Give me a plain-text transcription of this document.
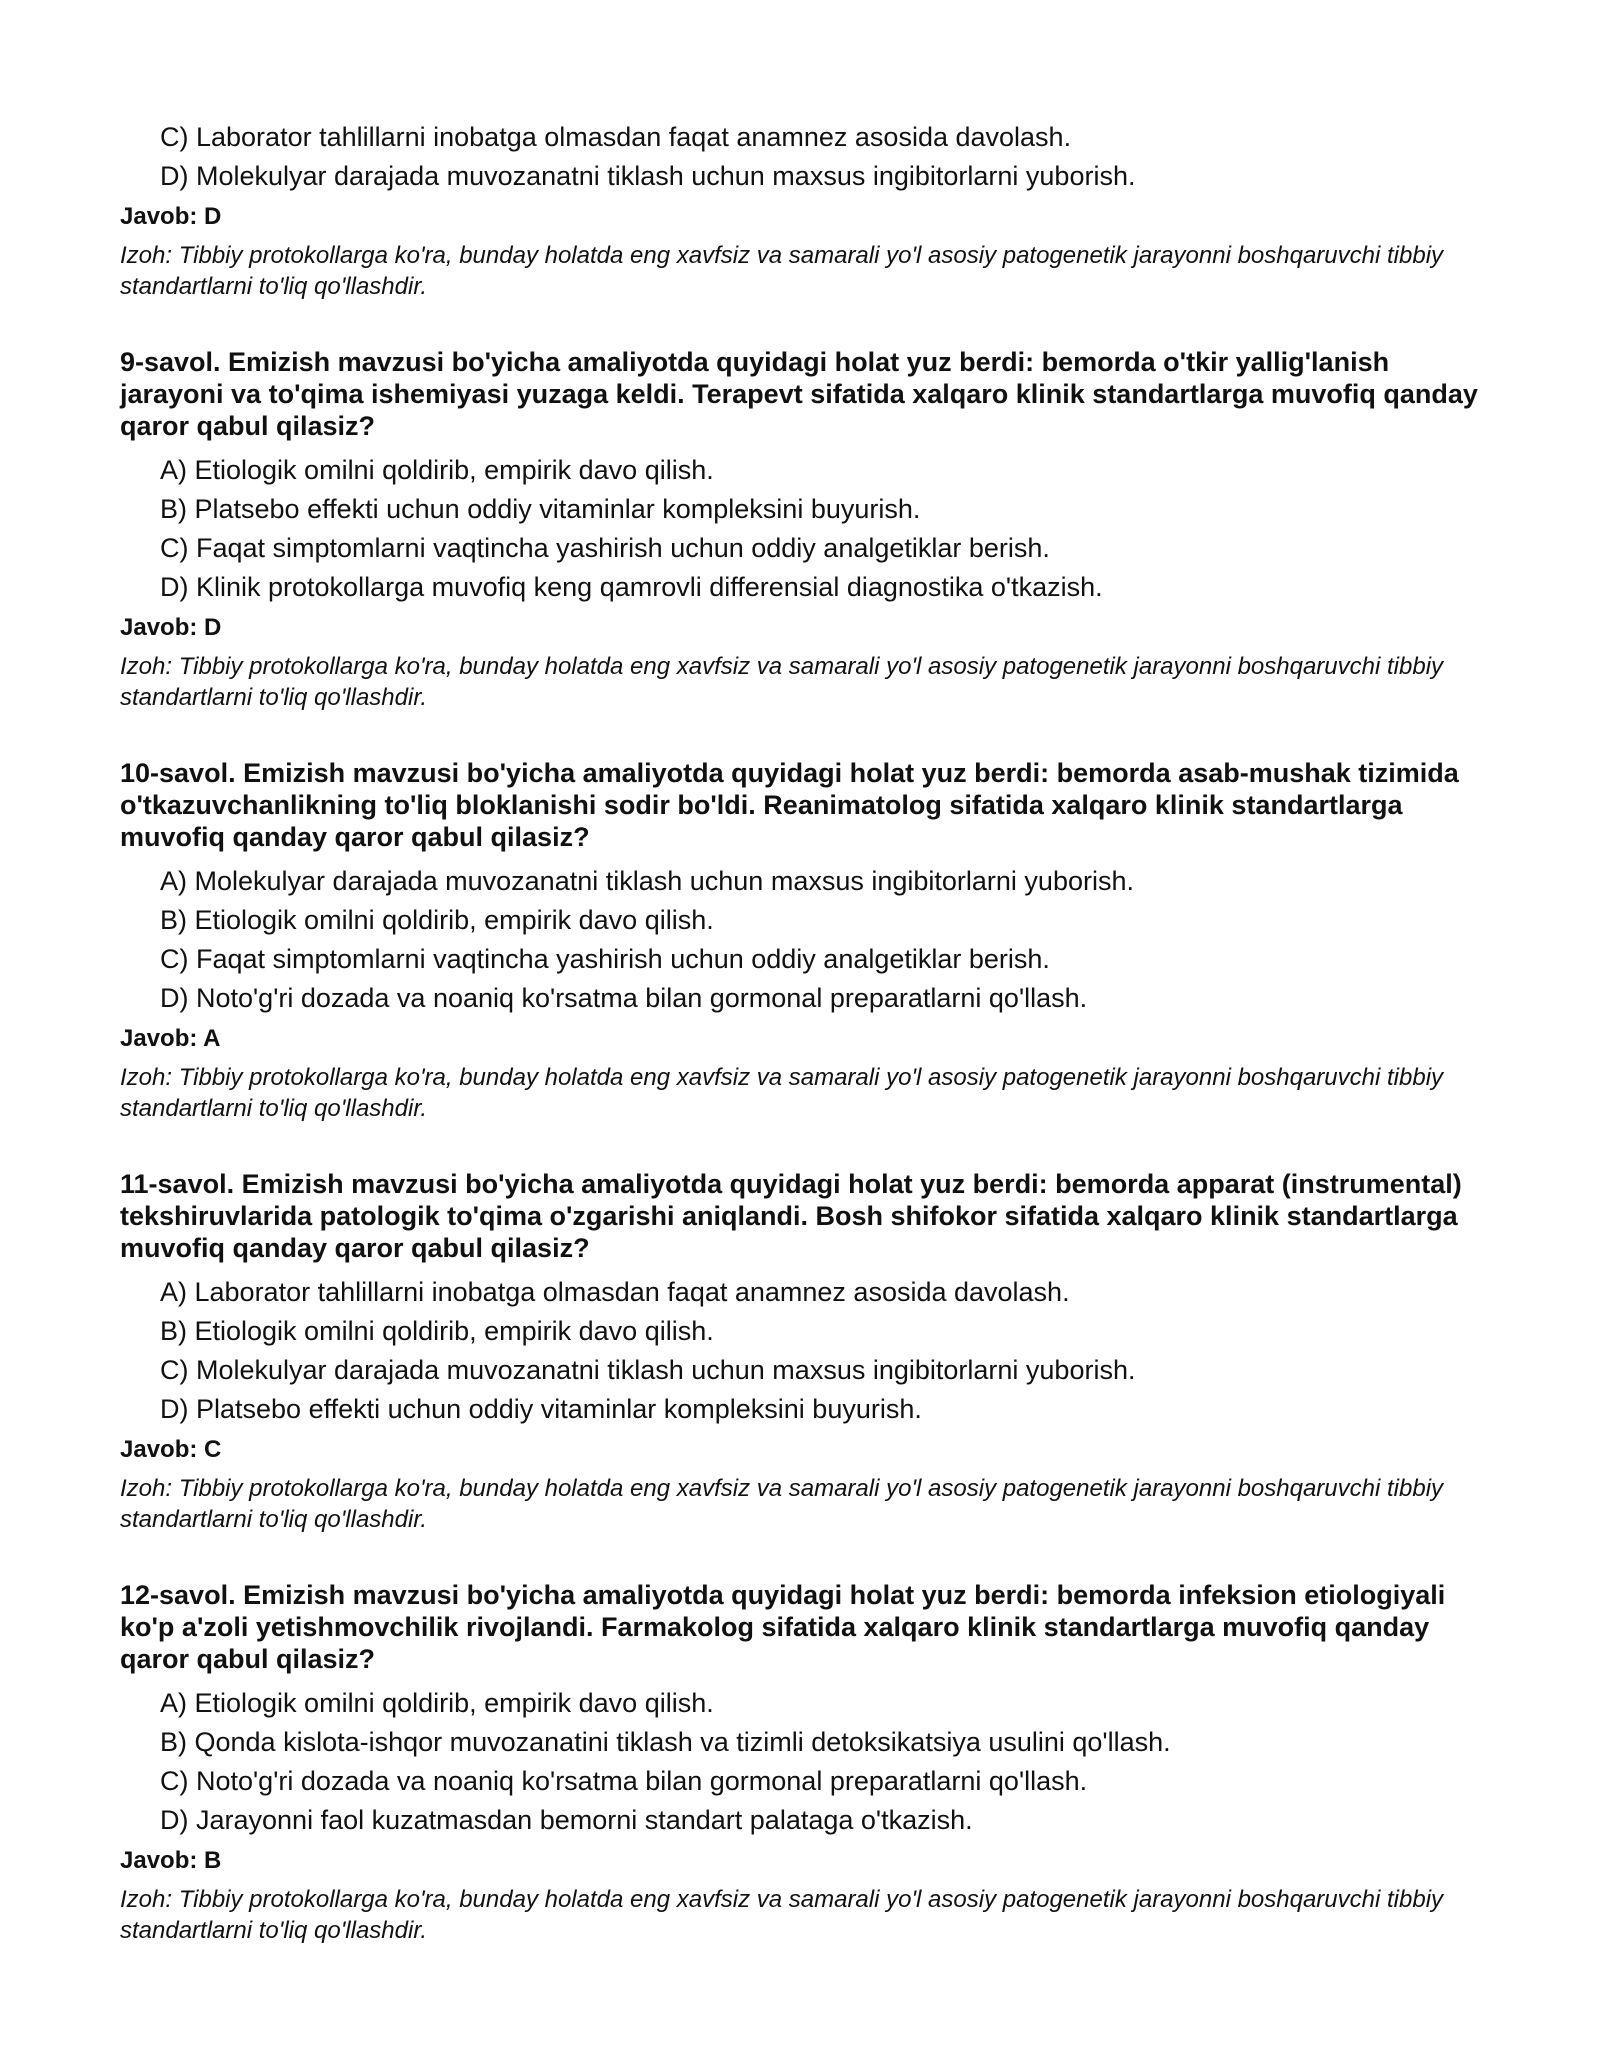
C) Laborator tahlillarni inobatga olmasdan faqat anamnez asosida davolash.
D) Molekulyar darajada muvozanatni tiklash uchun maxsus ingibitorlarni yuborish.
Javob: D
Izoh: Tibbiy protokollarga ko'ra, bunday holatda eng xavfsiz va samarali yo'l asosiy patogenetik jarayonni boshqaruvchi tibbiy standartlarni to'liq qo'llashdir.

9-savol. Emizish mavzusi bo'yicha amaliyotda quyidagi holat yuz berdi: bemorda o'tkir yallig'lanish jarayoni va to'qima ishemiyasi yuzaga keldi. Terapevt sifatida xalqaro klinik standartlarga muvofiq qanday qaror qabul qilasiz?

A) Etiologik omilni qoldirib, empirik davo qilish.
B) Platsebo effekti uchun oddiy vitaminlar kompleksini buyurish.
C) Faqat simptomlarni vaqtincha yashirish uchun oddiy analgetiklar berish.
D) Klinik protokollarga muvofiq keng qamrovli differensial diagnostika o'tkazish.
Javob: D
Izoh: Tibbiy protokollarga ko'ra, bunday holatda eng xavfsiz va samarali yo'l asosiy patogenetik jarayonni boshqaruvchi tibbiy standartlarni to'liq qo'llashdir.

10-savol. Emizish mavzusi bo'yicha amaliyotda quyidagi holat yuz berdi: bemorda asab-mushak tizimida o'tkazuvchanlikning to'liq bloklanishi sodir bo'ldi. Reanimatolog sifatida xalqaro klinik standartlarga muvofiq qanday qaror qabul qilasiz?

A) Molekulyar darajada muvozanatni tiklash uchun maxsus ingibitorlarni yuborish.
B) Etiologik omilni qoldirib, empirik davo qilish.
C) Faqat simptomlarni vaqtincha yashirish uchun oddiy analgetiklar berish.
D) Noto'g'ri dozada va noaniq ko'rsatma bilan gormonal preparatlarni qo'llash.
Javob: A
Izoh: Tibbiy protokollarga ko'ra, bunday holatda eng xavfsiz va samarali yo'l asosiy patogenetik jarayonni boshqaruvchi tibbiy standartlarni to'liq qo'llashdir.

11-savol. Emizish mavzusi bo'yicha amaliyotda quyidagi holat yuz berdi: bemorda apparat (instrumental) tekshiruvlarida patologik to'qima o'zgarishi aniqlandi. Bosh shifokor sifatida xalqaro klinik standartlarga muvofiq qanday qaror qabul qilasiz?

A) Laborator tahlillarni inobatga olmasdan faqat anamnez asosida davolash.
B) Etiologik omilni qoldirib, empirik davo qilish.
C) Molekulyar darajada muvozanatni tiklash uchun maxsus ingibitorlarni yuborish.
D) Platsebo effekti uchun oddiy vitaminlar kompleksini buyurish.
Javob: C
Izoh: Tibbiy protokollarga ko'ra, bunday holatda eng xavfsiz va samarali yo'l asosiy patogenetik jarayonni boshqaruvchi tibbiy standartlarni to'liq qo'llashdir.

12-savol. Emizish mavzusi bo'yicha amaliyotda quyidagi holat yuz berdi: bemorda infeksion etiologiyali ko'p a'zoli yetishmovchilik rivojlandi. Farmakolog sifatida xalqaro klinik standartlarga muvofiq qanday qaror qabul qilasiz?

A) Etiologik omilni qoldirib, empirik davo qilish.
B) Qonda kislota-ishqor muvozanatini tiklash va tizimli detoksikatsiya usulini qo'llash.
C) Noto'g'ri dozada va noaniq ko'rsatma bilan gormonal preparatlarni qo'llash.
D) Jarayonni faol kuzatmasdan bemorni standart palataga o'tkazish.
Javob: B
Izoh: Tibbiy protokollarga ko'ra, bunday holatda eng xavfsiz va samarali yo'l asosiy patogenetik jarayonni boshqaruvchi tibbiy standartlarni to'liq qo'llashdir.
